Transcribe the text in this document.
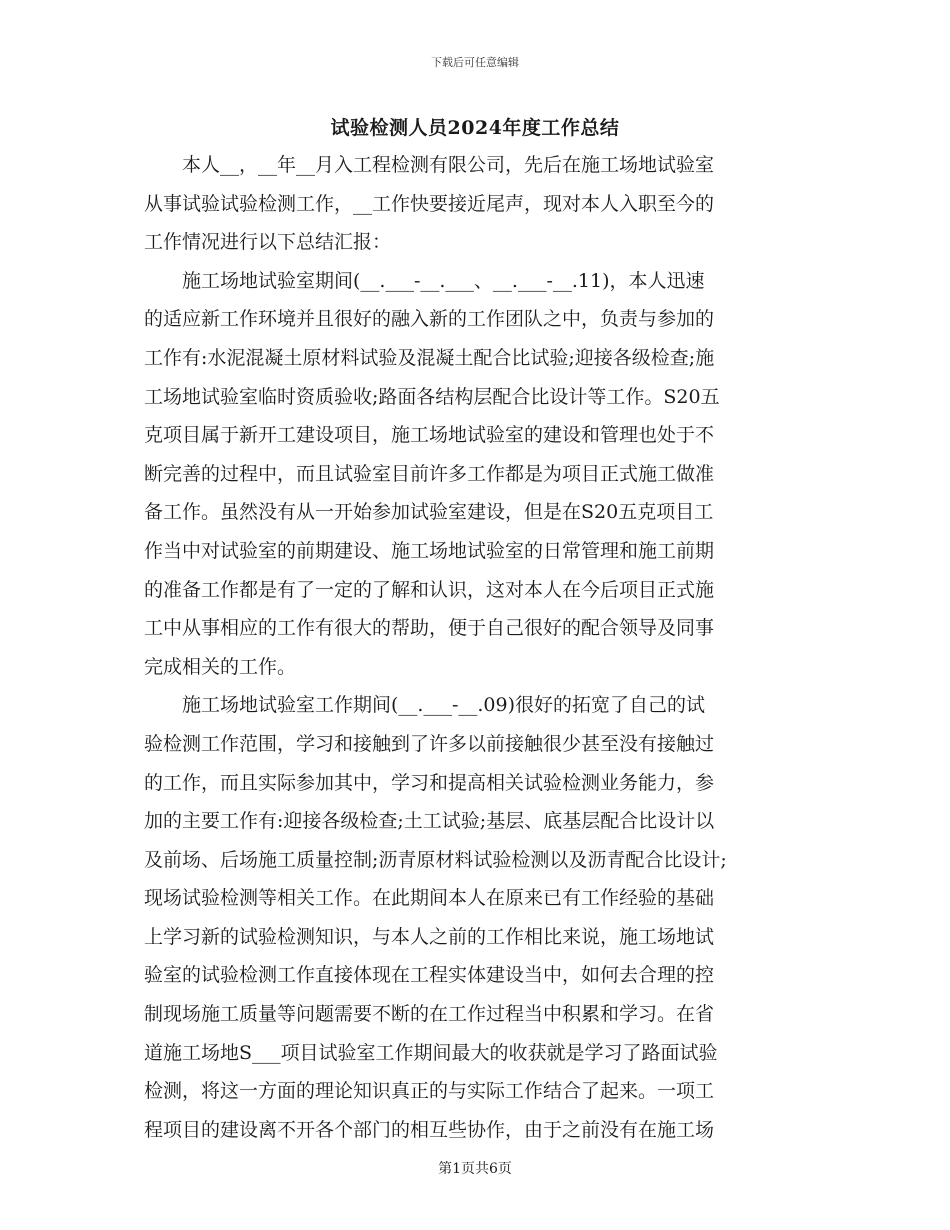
下载后可任意编辑
试验检测人员2024年度工作总结
　　本人__，__年__月入工程检测有限公司，先后在施工场地试验室
从事试验试验检测工作，__工作快要接近尾声，现对本人入职至今的
工作情况进行以下总结汇报：
　　施工场地试验室期间(__.___-__.___、__.___-__.11)，本人迅速
的适应新工作环境并且很好的融入新的工作团队之中，负责与参加的
工作有:水泥混凝土原材料试验及混凝土配合比试验;迎接各级检查;施
工场地试验室临时资质验收;路面各结构层配合比设计等工作。S20五
克项目属于新开工建设项目，施工场地试验室的建设和管理也处于不
断完善的过程中，而且试验室目前许多工作都是为项目正式施工做准
备工作。虽然没有从一开始参加试验室建设，但是在S20五克项目工
作当中对试验室的前期建设、施工场地试验室的日常管理和施工前期
的准备工作都是有了一定的了解和认识，这对本人在今后项目正式施
工中从事相应的工作有很大的帮助，便于自己很好的配合领导及同事
完成相关的工作。
　　施工场地试验室工作期间(__.___-__.09)很好的拓宽了自己的试
验检测工作范围，学习和接触到了许多以前接触很少甚至没有接触过
的工作，而且实际参加其中，学习和提高相关试验检测业务能力，参
加的主要工作有:迎接各级检查;土工试验;基层、底基层配合比设计以
及前场、后场施工质量控制;沥青原材料试验检测以及沥青配合比设计;
现场试验检测等相关工作。在此期间本人在原来已有工作经验的基础
上学习新的试验检测知识，与本人之前的工作相比来说，施工场地试
验室的试验检测工作直接体现在工程实体建设当中，如何去合理的控
制现场施工质量等问题需要不断的在工作过程当中积累和学习。在省
道施工场地S___项目试验室工作期间最大的收获就是学习了路面试验
检测，将这一方面的理论知识真正的与实际工作结合了起来。一项工
程项目的建设离不开各个部门的相互些协作，由于之前没有在施工场
第1页共6页
